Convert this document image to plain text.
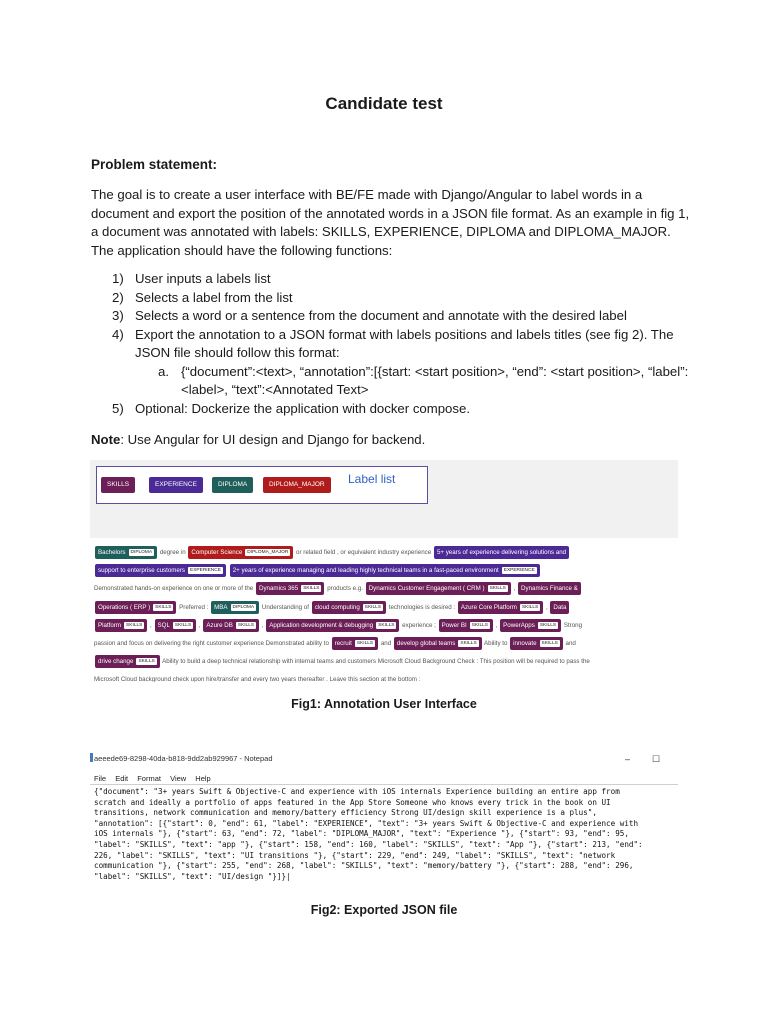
Candidate test
Problem statement:
The goal is to create a user interface with BE/FE made with Django/Angular to label words in a document and export the position of the annotated words in a JSON file format. As an example in fig 1, a document was annotated with labels: SKILLS, EXPERIENCE, DIPLOMA and DIPLOMA_MAJOR. The application should have the following functions:
1) User inputs a labels list
2) Selects a label from the list
3) Selects a word or a sentence from the document and annotate with the desired label
4) Export the annotation to a JSON format with labels positions and labels titles (see fig 2). The JSON file should follow this format:
a. {“document”:<text>, “annotation”:[{start: <start position>, “end”: <start position>, “label”: <label>, “text”:<Annotated Text>
5) Optional: Dockerize the application with docker compose.
Note: Use Angular for UI design and Django for backend.
SKILLS	EXPERIENCE	DIPLOMA	DIPLOMA_MAJOR	Label list
Bachelors DIPLOMA degree in Computer Science DIPLOMA_MAJOR or related field , or equivalent industry experience 5+ years of experience delivering solutions and
support to enterprise customers EXPERIENCE 2+ years of experience managing and leading highly technical teams in a fast-paced environment EXPERIENCE
Demonstrated hands-on experience on one or more of the Dynamics 365 SKILLS products e.g. Dynamics Customer Engagement ( CRM ) SKILLS , Dynamics Finance &
Operations ( ERP ) SKILLS Preferred : MBA DIPLOMA Understanding of cloud computing SKILLS technologies is desired : Azure Core Platform SKILLS , Data
Platform SKILLS , SQL SKILLS , Azure DB SKILLS , Application development & debugging SKILLS experience ; Power BI SKILLS , PowerApps SKILLS Strong
passion and focus on delivering the right customer experience Demonstrated ability to recruit SKILLS and develop global teams SKILLS Ability to innovate SKILLS and
drive change SKILLS Ability to build a deep technical relationship with internal teams and customers Microsoft Cloud Background Check : This position will be required to pass the
Microsoft Cloud background check upon hire/transfer and every two years thereafter . Leave this section at the bottom :
Fig1: Annotation User Interface
aeeede69-8298-40da-b818-9dd2ab929967 - Notepad	– ☐
File Edit Format View Help
{"document": "3+ years Swift & Objective-C and experience with iOS internals Experience building an entire app from
scratch and ideally a portfolio of apps featured in the App Store Someone who knows every trick in the book on UI
transitions, network communication and memory/battery efficiency Strong UI/design skill experience is a plus",
"annotation": [{"start": 0, "end": 61, "label": "EXPERIENCE", "text": "3+ years Swift & Objective-C and experience with
iOS internals "}, {"start": 63, "end": 72, "label": "DIPLOMA_MAJOR", "text": "Experience "}, {"start": 93, "end": 95,
"label": "SKILLS", "text": "app "}, {"start": 158, "end": 160, "label": "SKILLS", "text": "App "}, {"start": 213, "end":
226, "label": "SKILLS", "text": "UI transitions "}, {"start": 229, "end": 249, "label": "SKILLS", "text": "network
communication "}, {"start": 255, "end": 268, "label": "SKILLS", "text": "memory/battery "}, {"start": 288, "end": 296,
"label": "SKILLS", "text": "UI/design "}]}|
Fig2: Exported JSON file
